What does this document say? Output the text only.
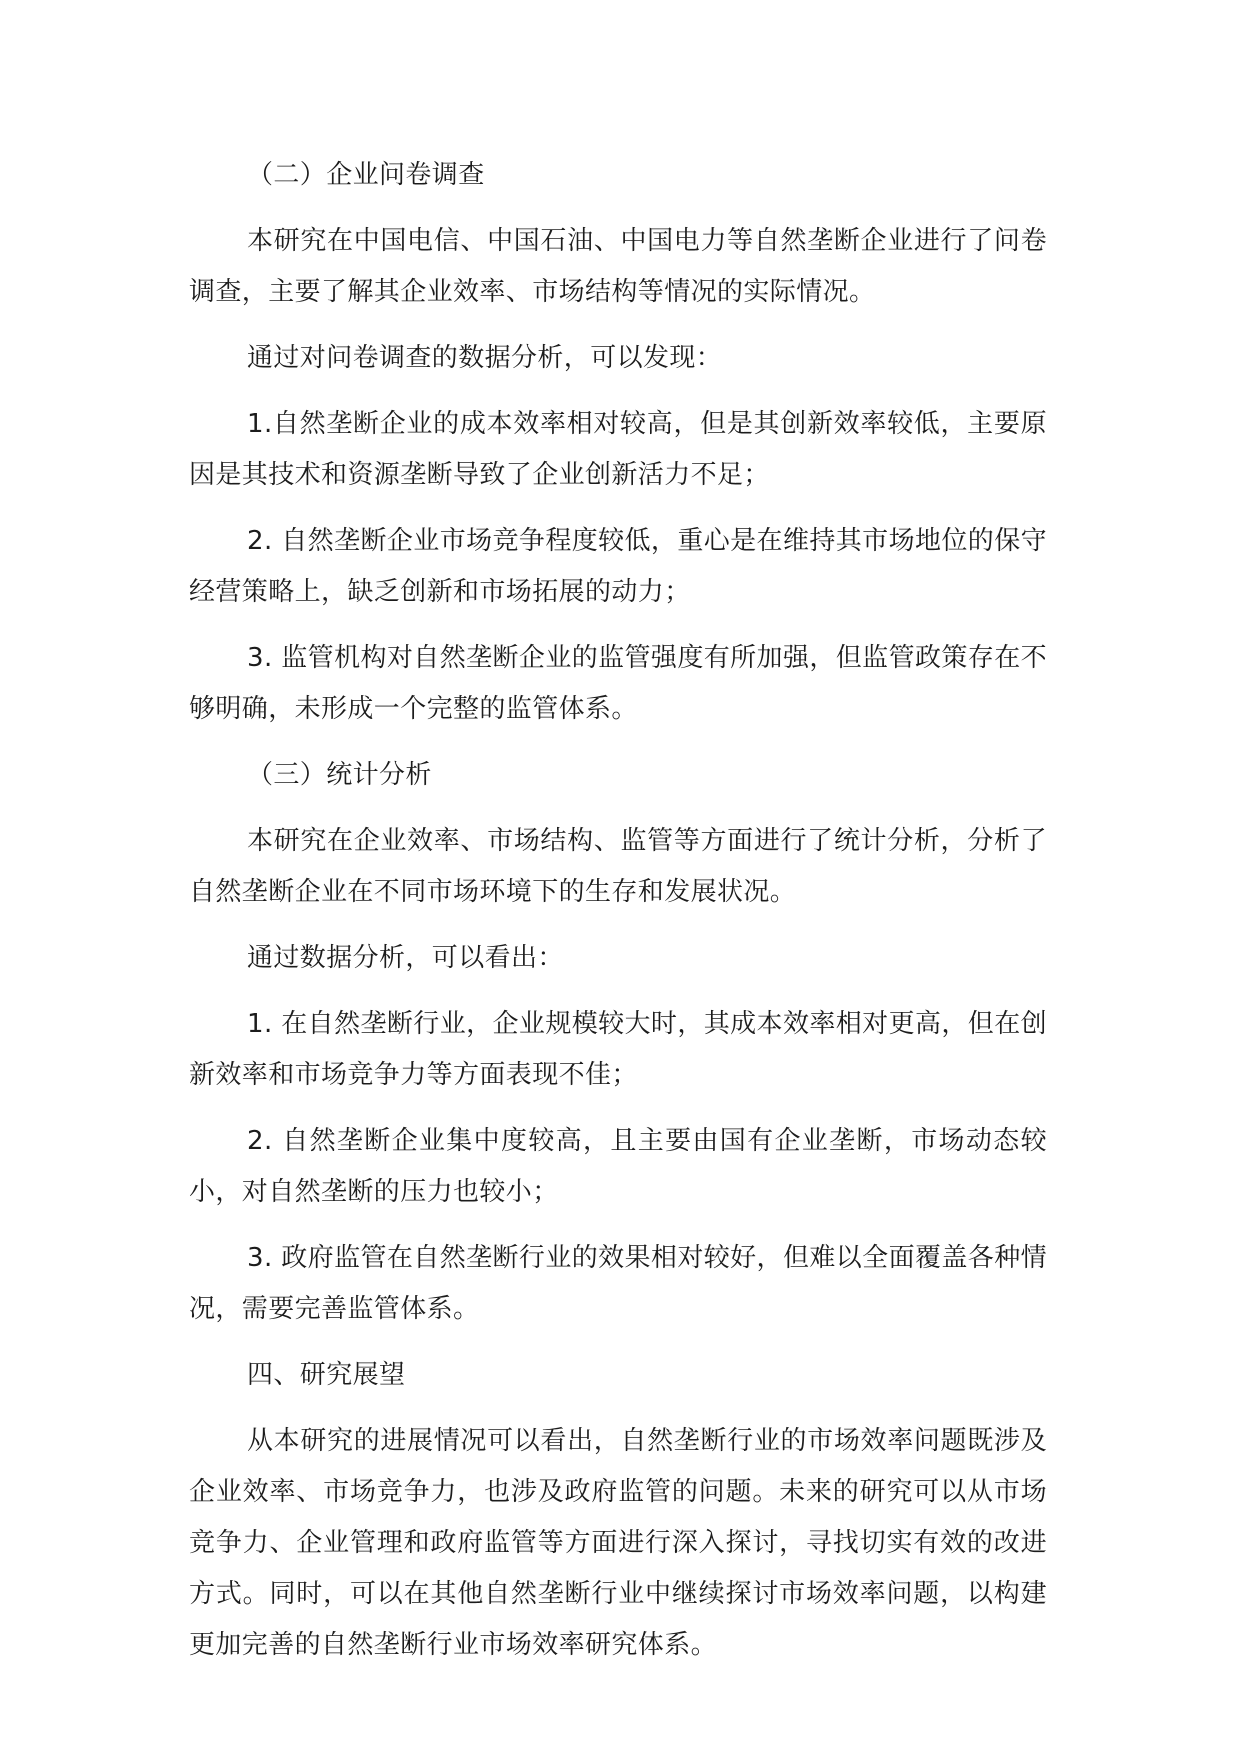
（二）企业问卷调查

本研究在中国电信、中国石油、中国电力等自然垄断企业进行了问卷调查，主要了解其企业效率、市场结构等情况的实际情况。

通过对问卷调查的数据分析，可以发现：

1.自然垄断企业的成本效率相对较高，但是其创新效率较低，主要原因是其技术和资源垄断导致了企业创新活力不足；

2. 自然垄断企业市场竞争程度较低，重心是在维持其市场地位的保守经营策略上，缺乏创新和市场拓展的动力；

3. 监管机构对自然垄断企业的监管强度有所加强，但监管政策存在不够明确，未形成一个完整的监管体系。

（三）统计分析

本研究在企业效率、市场结构、监管等方面进行了统计分析，分析了自然垄断企业在不同市场环境下的生存和发展状况。

通过数据分析，可以看出：

1. 在自然垄断行业，企业规模较大时，其成本效率相对更高，但在创新效率和市场竞争力等方面表现不佳；

2. 自然垄断企业集中度较高，且主要由国有企业垄断，市场动态较小，对自然垄断的压力也较小；

3. 政府监管在自然垄断行业的效果相对较好，但难以全面覆盖各种情况，需要完善监管体系。

四、研究展望

从本研究的进展情况可以看出，自然垄断行业的市场效率问题既涉及企业效率、市场竞争力，也涉及政府监管的问题。未来的研究可以从市场竞争力、企业管理和政府监管等方面进行深入探讨，寻找切实有效的改进方式。同时，可以在其他自然垄断行业中继续探讨市场效率问题，以构建更加完善的自然垄断行业市场效率研究体系。
